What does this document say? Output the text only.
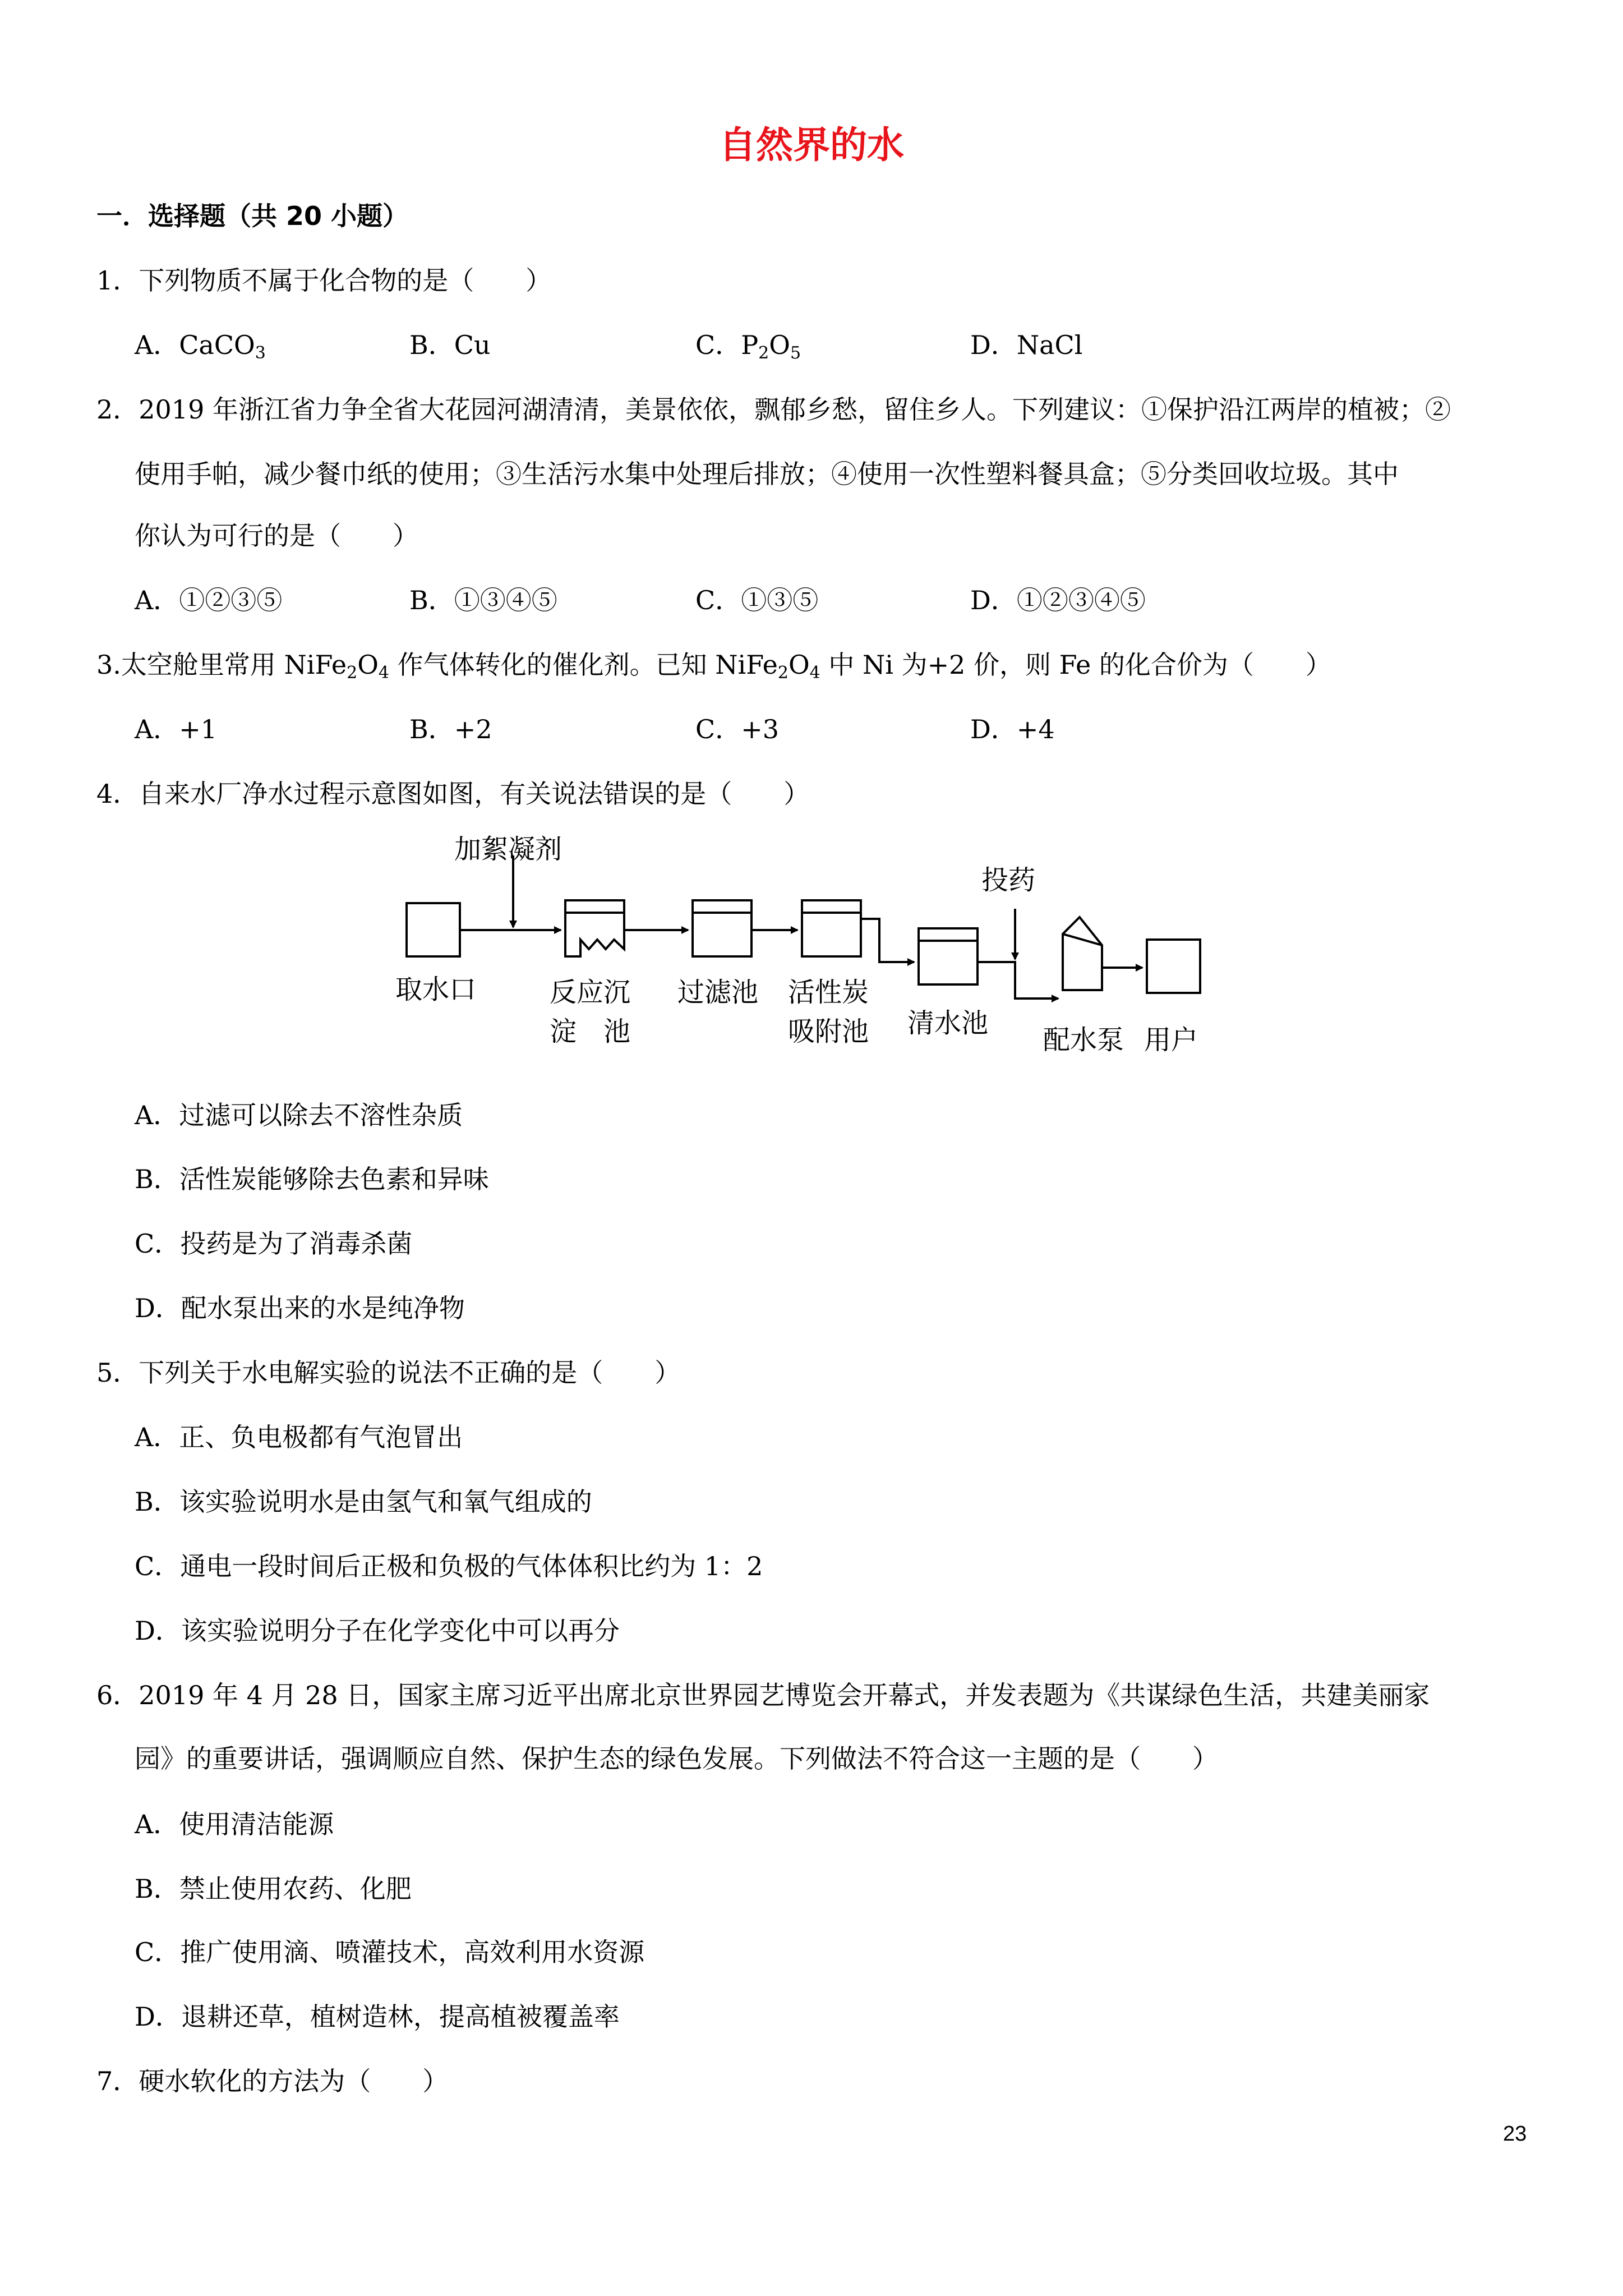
自然界的水
一．选择题（共 20 小题）
1．下列物质不属于化合物的是（　　）
A．CaCO$_3$	B．Cu	C．$P_2O_5$	D．NaCl
2．2019 年浙江省力争全省大花园河湖清清，美景依依，飘郁乡愁，留住乡人。下列建议：①保护沿江两岸的植被；②
使用手帕，减少餐巾纸的使用；③生活污水集中处理后排放；④使用一次性塑料餐具盒；⑤分类回收垃圾。其中
你认为可行的是（　　）
A．①②③⑤	B．①③④⑤	C．①③⑤	D．①②③④⑤
3.太空舱里常用 $NiFe_2O_4$ 作气体转化的催化剂。已知 $NiFe_2O_4$ 中 Ni 为+2 价，则 Fe 的化合价为（　　）
A．+1	B．+2	C．+3	D．+4
4．自来水厂净水过程示意图如图，有关说法错误的是（　　）
加絮凝剂
投药
取水口	反应沉
淀　池
过滤池 活性炭
吸附池 清水池
配水泵 用户
A．过滤可以除去不溶性杂质
B．活性炭能够除去色素和异味
C．投药是为了消毒杀菌
D．配水泵出来的水是纯净物
5．下列关于水电解实验的说法不正确的是（　　）
A．正、负电极都有气泡冒出
B．该实验说明水是由氢气和氧气组成的
C．通电一段时间后正极和负极的气体体积比约为 1：2
D．该实验说明分子在化学变化中可以再分
6．2019 年 4 月 28 日，国家主席习近平出席北京世界园艺博览会开幕式，并发表题为《共谋绿色生活，共建美丽家
园》的重要讲话，强调顺应自然、保护生态的绿色发展。下列做法不符合这一主题的是（　　）
A．使用清洁能源
B．禁止使用农药、化肥
C．推广使用滴、喷灌技术，高效利用水资源
D．退耕还草，植树造林，提高植被覆盖率
7．硬水软化的方法为（　　）
23
